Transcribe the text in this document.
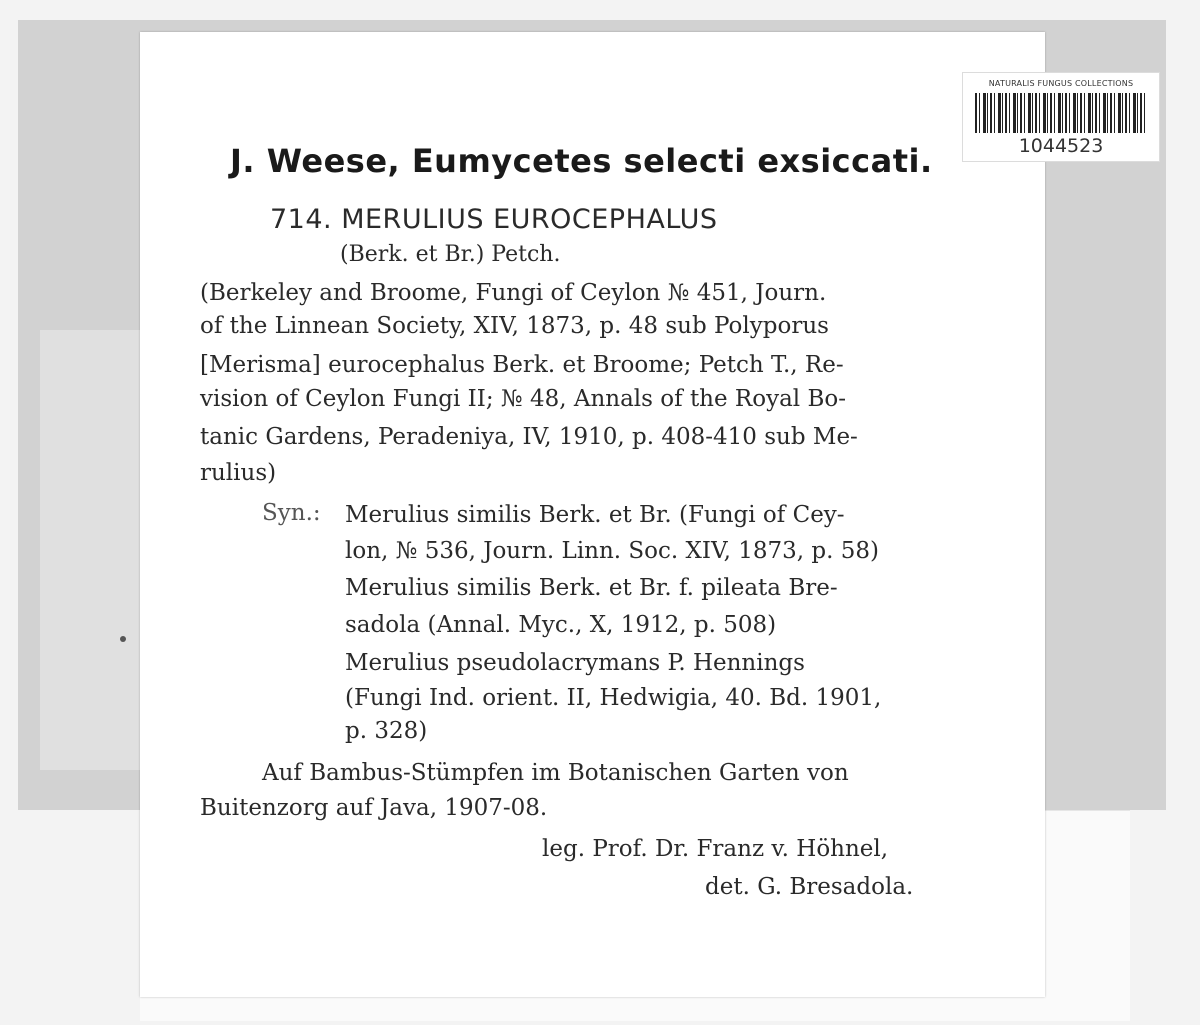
NATURALIS FUNGUS COLLECTIONS
1044523
J. Weese, Eumycetes selecti exsiccati.
714. MERULIUS EUROCEPHALUS
(Berk. et Br.) Petch.
(Berkeley and Broome, Fungi of Ceylon № 451, Journ.
of the Linnean Society, XIV, 1873, p. 48 sub Polyporus
[Merisma] eurocephalus Berk. et Broome; Petch T., Re-
vision of Ceylon Fungi II; № 48, Annals of the Royal Bo-
tanic Gardens, Peradeniya, IV, 1910, p. 408-410 sub Me-
rulius)
Syn.: Merulius similis Berk. et Br. (Fungi of Cey-
lon, № 536, Journ. Linn. Soc. XIV, 1873, p. 58)
Merulius similis Berk. et Br. f. pileata Bre-
sadola (Annal. Myc., X, 1912, p. 508)
Merulius pseudolacrymans P. Hennings
(Fungi Ind. orient. II, Hedwigia, 40. Bd. 1901,
p. 328)
Auf Bambus-Stümpfen im Botanischen Garten von
Buitenzorg auf Java, 1907-08.
leg. Prof. Dr. Franz v. Höhnel,
det. G. Bresadola.
